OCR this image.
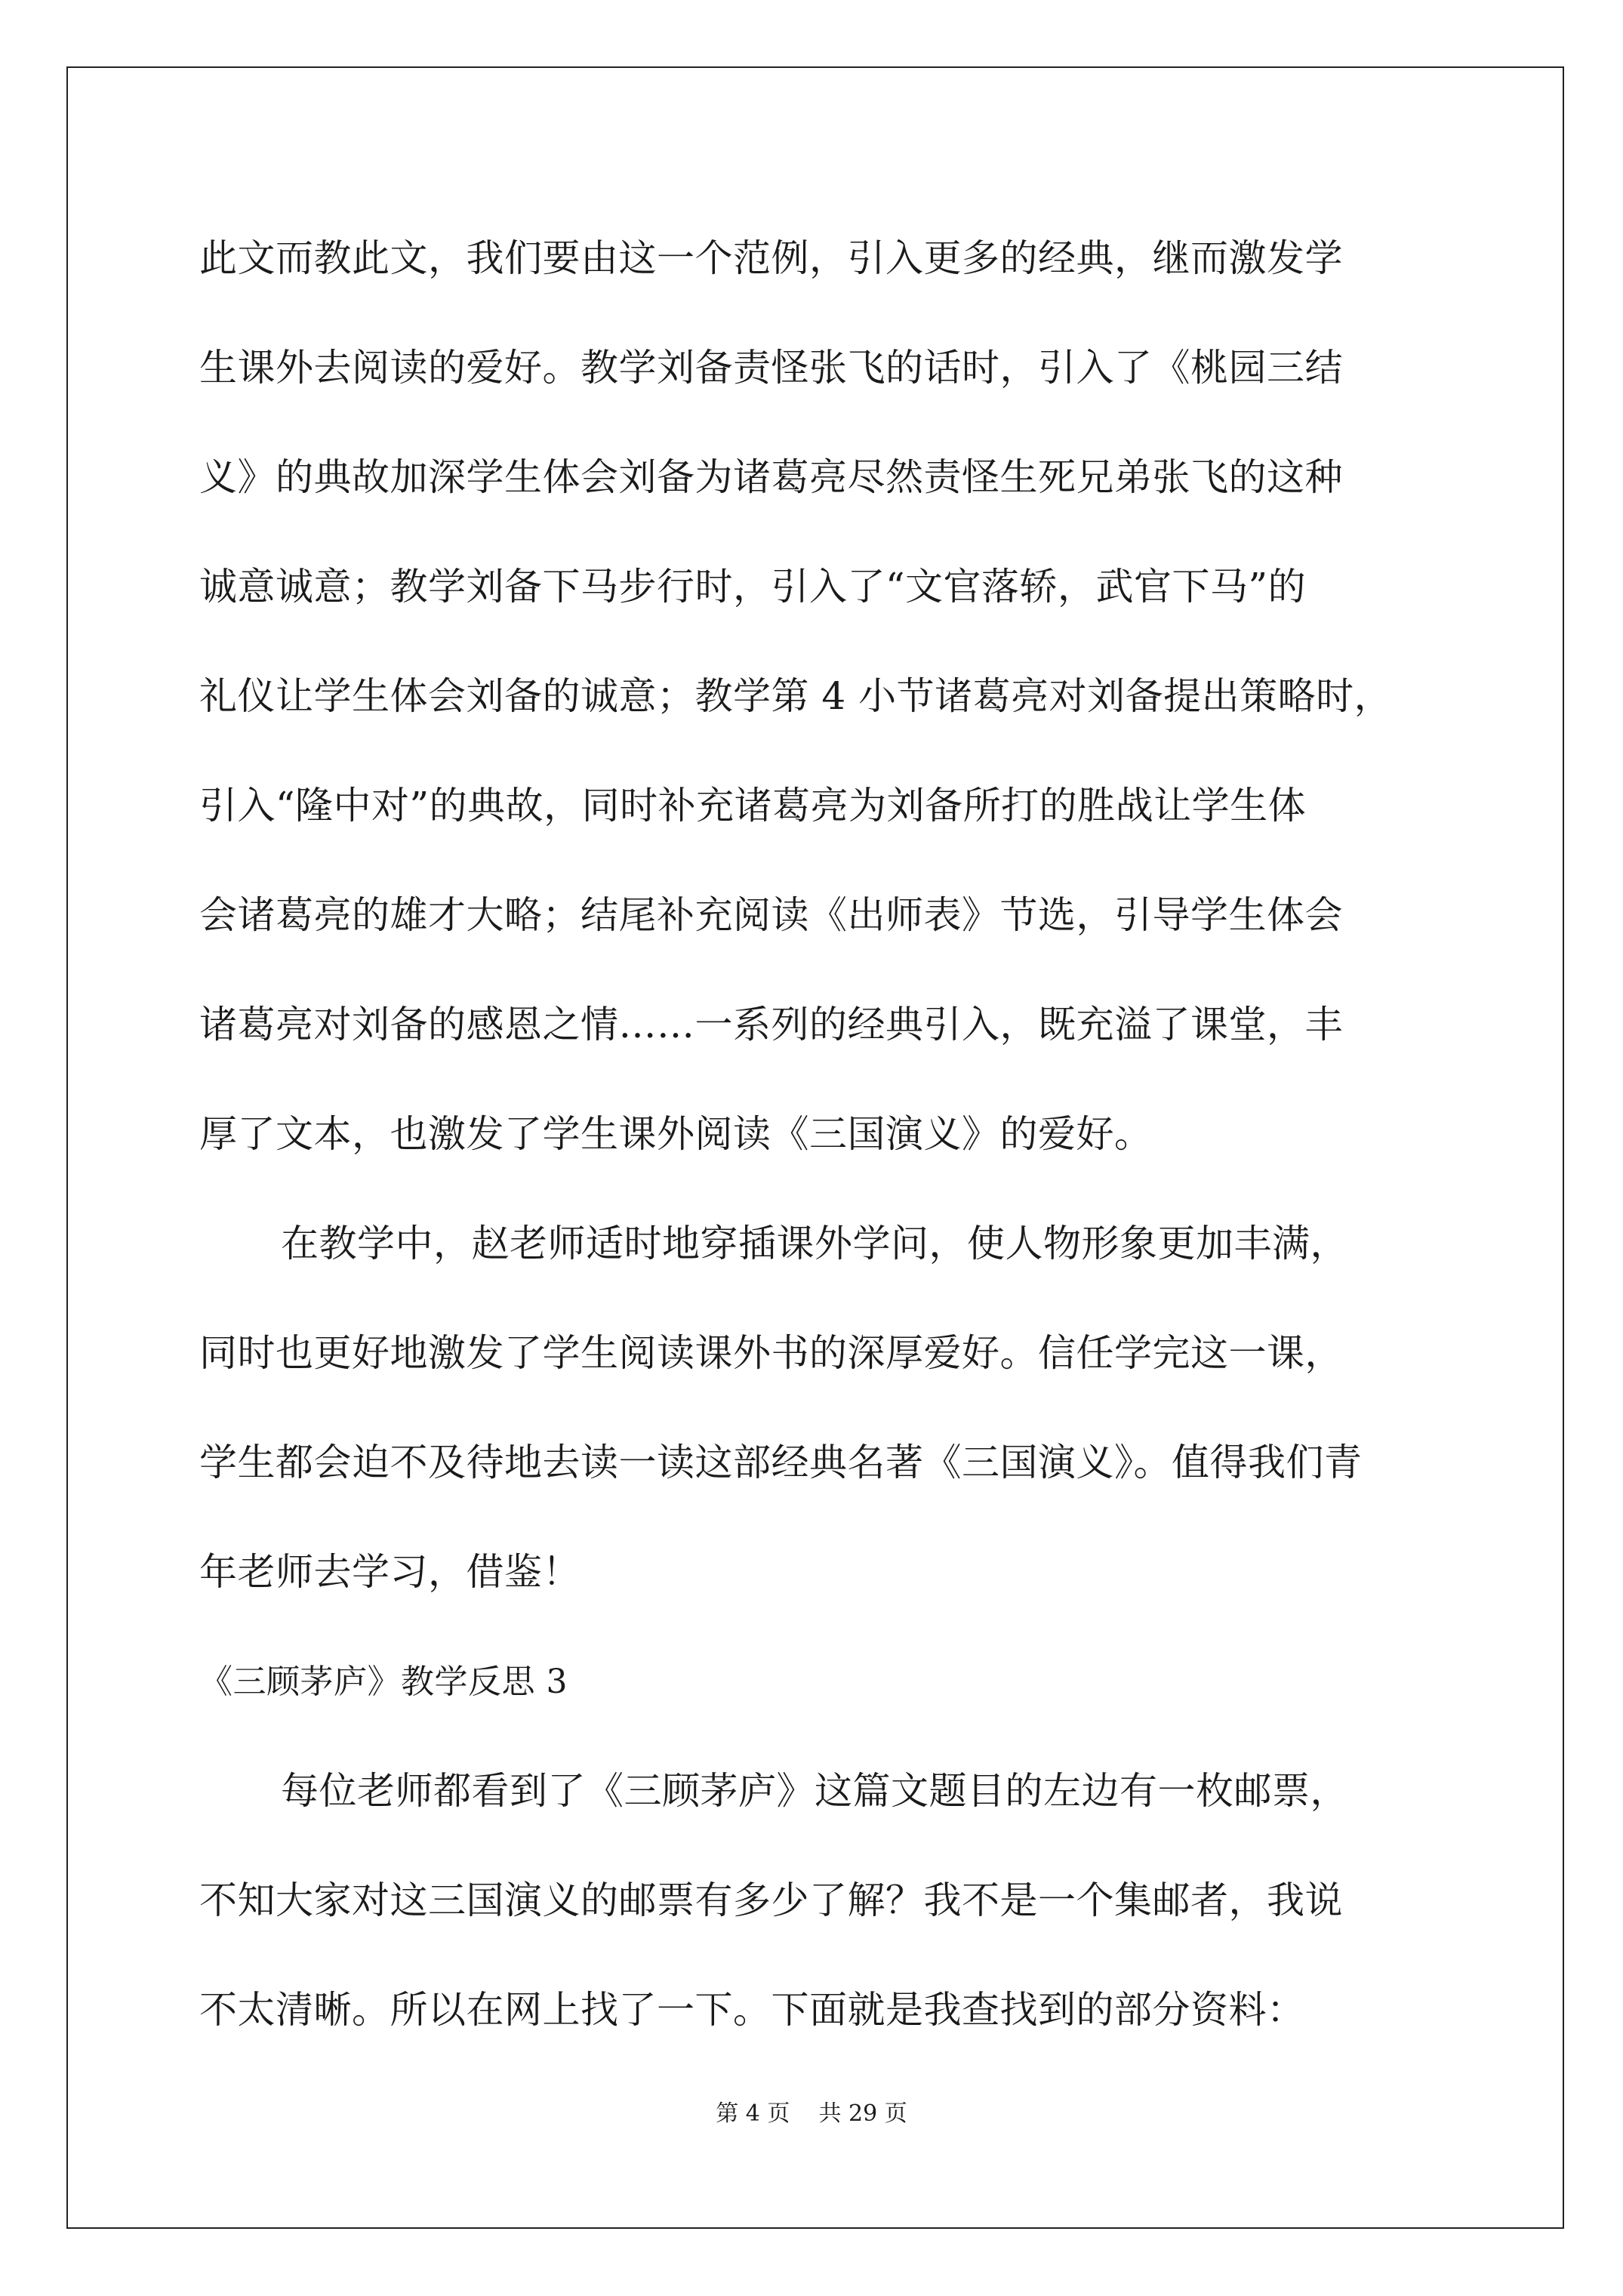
此文而教此文，我们要由这一个范例，引入更多的经典，继而激发学
生课外去阅读的爱好。教学刘备责怪张飞的话时，引入了《桃园三结
义》的典故加深学生体会刘备为诸葛亮尽然责怪生死兄弟张飞的这种
诚意诚意；教学刘备下马步行时，引入了“文官落轿，武官下马”的
礼仪让学生体会刘备的诚意；教学第 4 小节诸葛亮对刘备提出策略时，
引入“隆中对”的典故，同时补充诸葛亮为刘备所打的胜战让学生体
会诸葛亮的雄才大略；结尾补充阅读《出师表》节选，引导学生体会
诸葛亮对刘备的感恩之情……一系列的经典引入，既充溢了课堂，丰
厚了文本，也激发了学生课外阅读《三国演义》的爱好。
在教学中，赵老师适时地穿插课外学问，使人物形象更加丰满，
同时也更好地激发了学生阅读课外书的深厚爱好。信任学完这一课，
学生都会迫不及待地去读一读这部经典名著《三国演义》。值得我们青
年老师去学习，借鉴！
《三顾茅庐》教学反思 3
每位老师都看到了《三顾茅庐》这篇文题目的左边有一枚邮票，
不知大家对这三国演义的邮票有多少了解？我不是一个集邮者，我说
不太清晰。所以在网上找了一下。下面就是我查找到的部分资料：
第 4 页    共 29 页
